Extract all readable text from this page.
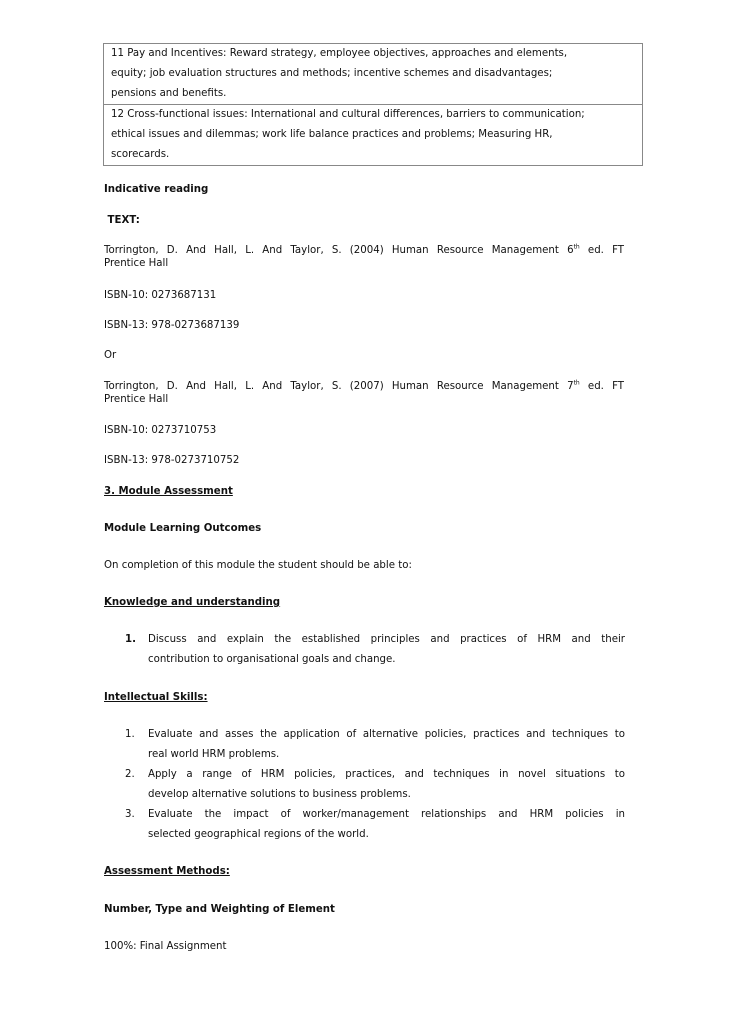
11 Pay and Incentives: Reward strategy, employee objectives, approaches and elements,
equity; job evaluation structures and methods; incentive schemes and disadvantages;
pensions and benefits.

12 Cross-functional issues: International and cultural differences, barriers to communication;
ethical issues and dilemmas; work life balance practices and problems; Measuring HR,
scorecards.

Indicative reading

TEXT:

Torrington, D. And Hall, L. And Taylor, S. (2004) Human Resource Management 6th ed. FT
Prentice Hall

ISBN-10: 0273687131

ISBN-13: 978-0273687139

Or

Torrington, D. And Hall, L. And Taylor, S. (2007) Human Resource Management 7th ed. FT
Prentice Hall

ISBN-10: 0273710753

ISBN-13: 978-0273710752

3. Module Assessment

Module Learning Outcomes

On completion of this module the student should be able to:

Knowledge and understanding

1. Discuss and explain the established principles and practices of HRM and their
contribution to organisational goals and change.

Intellectual Skills:

1. Evaluate and asses the application of alternative policies, practices and techniques to
real world HRM problems.
2. Apply a range of HRM policies, practices, and techniques in novel situations to
develop alternative solutions to business problems.
3. Evaluate the impact of worker/management relationships and HRM policies in
selected geographical regions of the world.

Assessment Methods:

Number, Type and Weighting of Element

100%: Final Assignment
